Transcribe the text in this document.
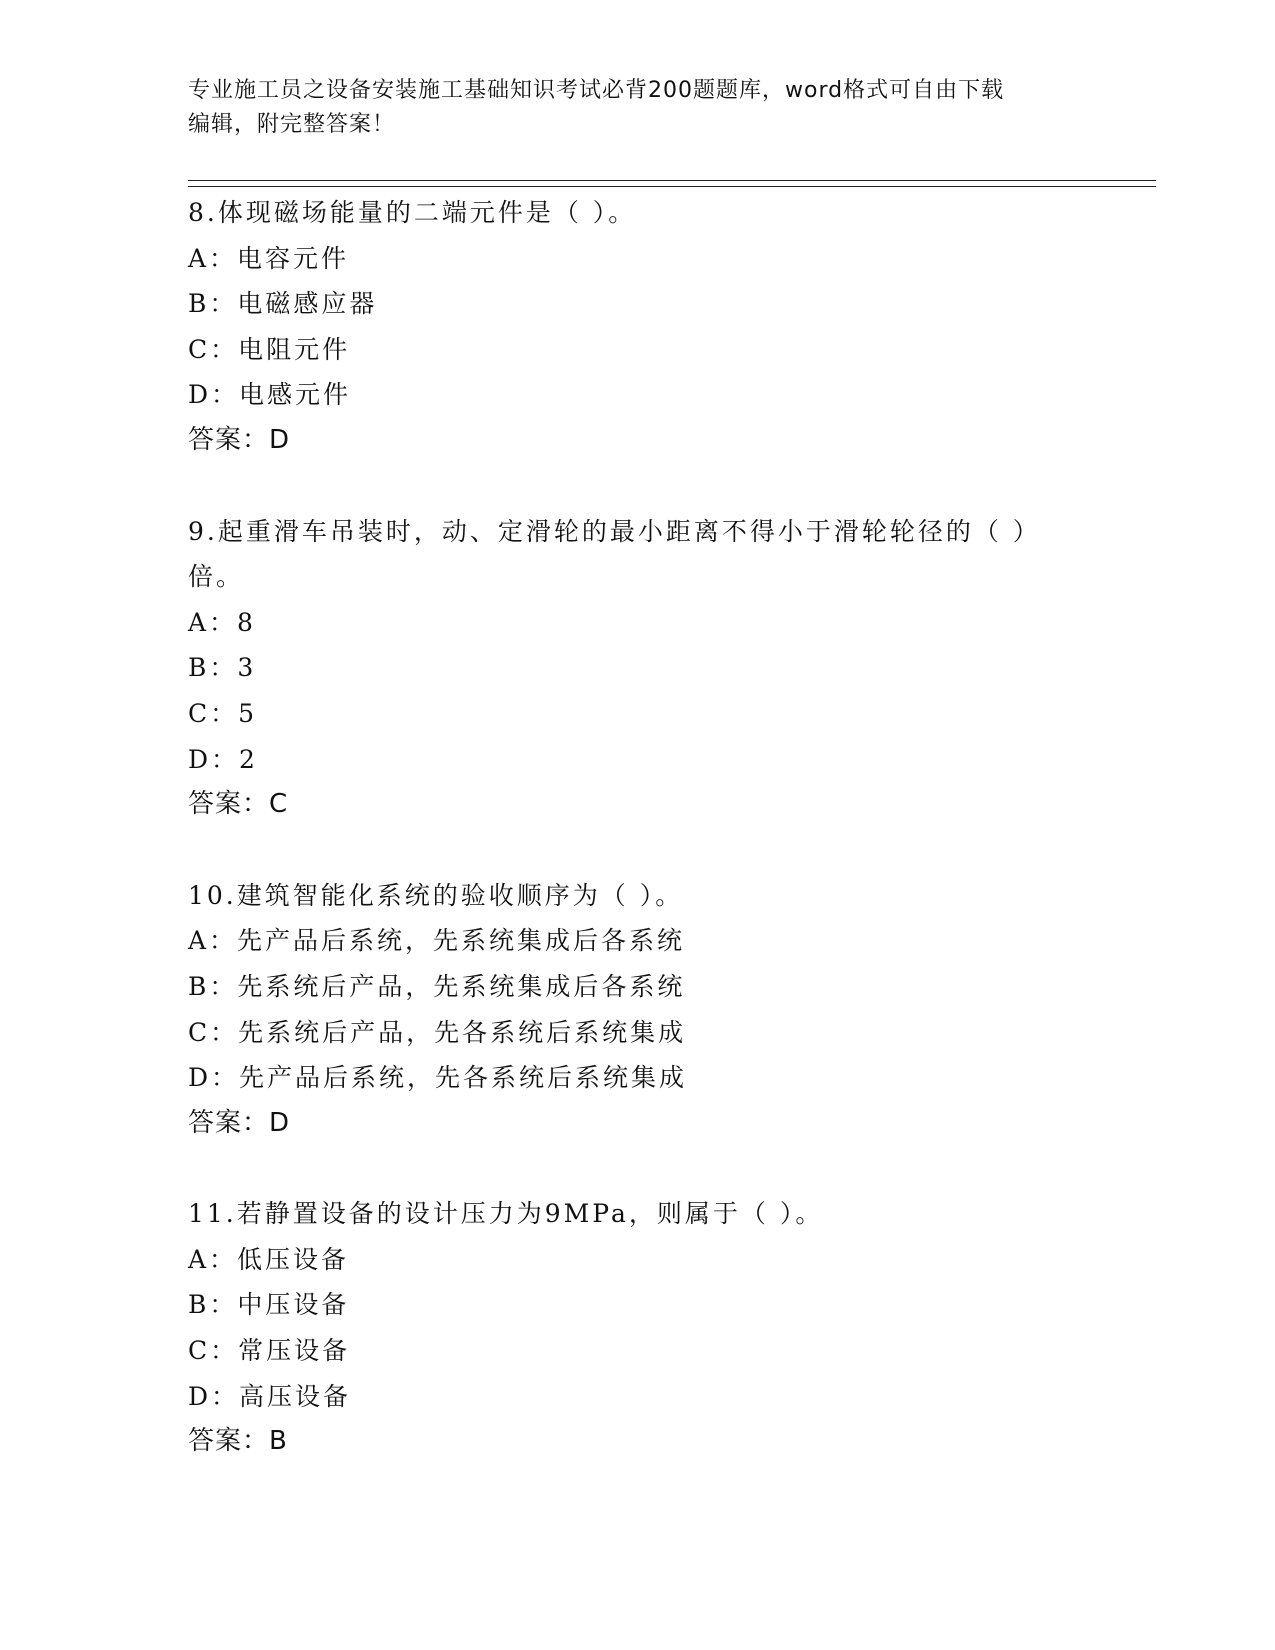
专业施工员之设备安装施工基础知识考试必背200题题库，word格式可自由下载
编辑，附完整答案！
8.体现磁场能量的二端元件是（ ）。
A：电容元件
B：电磁感应器
C：电阻元件
D：电感元件
答案：D
9.起重滑车吊装时，动、定滑轮的最小距离不得小于滑轮轮径的（ ）
倍。
A：8
B：3
C：5
D：2
答案：C
10.建筑智能化系统的验收顺序为（ ）。
A：先产品后系统，先系统集成后各系统
B：先系统后产品，先系统集成后各系统
C：先系统后产品，先各系统后系统集成
D：先产品后系统，先各系统后系统集成
答案：D
11.若静置设备的设计压力为9MPa，则属于（ ）。
A：低压设备
B：中压设备
C：常压设备
D：高压设备
答案：B
